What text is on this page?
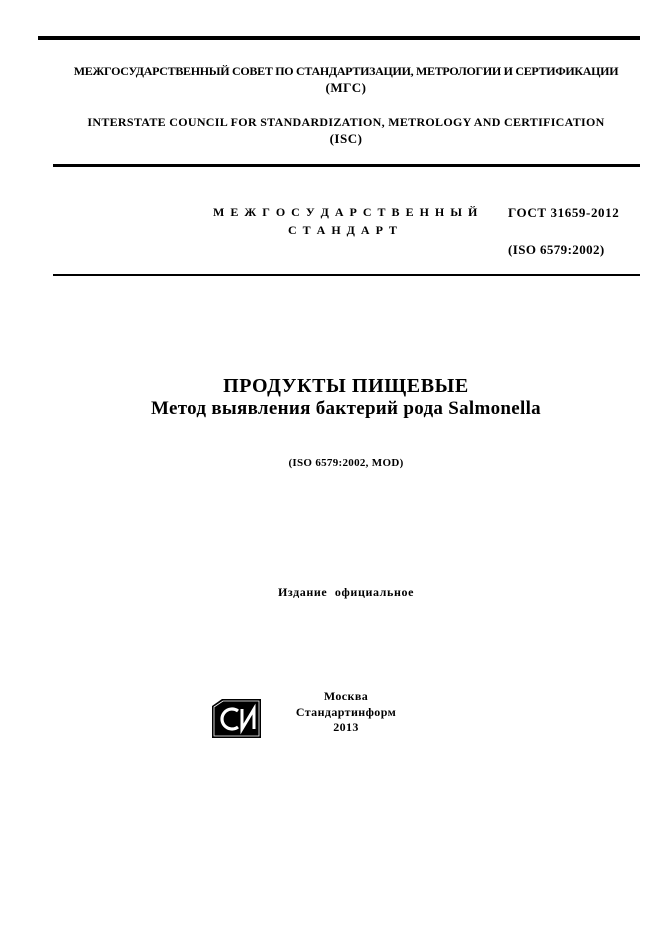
МЕЖГОСУДАРСТВЕННЫЙ СОВЕТ ПО СТАНДАРТИЗАЦИИ, МЕТРОЛОГИИ И СЕРТИФИКАЦИИ
(МГС)
INTERSTATE COUNCIL FOR STANDARDIZATION, METROLOGY AND CERTIFICATION
(ISC)
М Е Ж Г О С У Д А Р С Т В Е Н Н Ы Й
С Т А Н Д А Р Т
ГОСТ 31659-2012
(ISO 6579:2002)
ПРОДУКТЫ ПИЩЕВЫЕ
Метод выявления бактерий рода Salmonella
(ISO 6579:2002, MOD)
Издание официальное
Москва
Стандартинформ
2013
